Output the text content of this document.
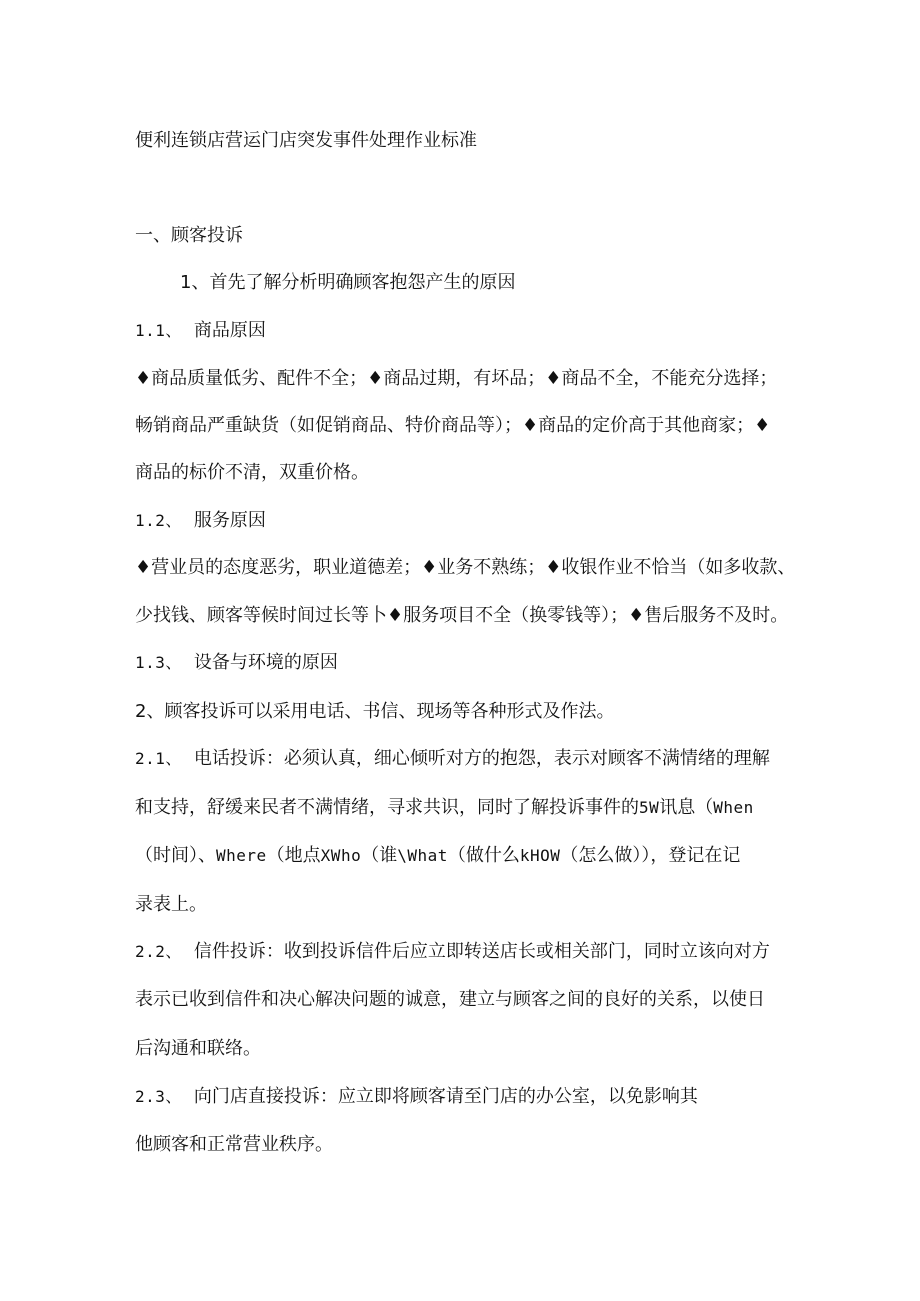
便利连锁店营运门店突发事件处理作业标准
一、顾客投诉
1、首先了解分析明确顾客抱怨产生的原因
1.1、 商品原因
♦商品质量低劣、配件不全；♦商品过期，有坏品；♦商品不全，不能充分选择；
畅销商品严重缺货（如促销商品、特价商品等）；♦商品的定价高于其他商家；♦
商品的标价不清，双重价格。
1.2、 服务原因
♦营业员的态度恶劣，职业道德差；♦业务不熟练；♦收银作业不恰当（如多收款、
少找钱、顾客等候时间过长等卜♦服务项目不全（换零钱等）；♦售后服务不及时。
1.3、 设备与环境的原因
2、顾客投诉可以采用电话、书信、现场等各种形式及作法。
2.1、 电话投诉：必须认真，细心倾听对方的抱怨，表示对顾客不满情绪的理解
和支持，舒缓来民者不满情绪，寻求共识，同时了解投诉事件的5W讯息（When
（时间）、Where（地点XWho（谁\What（做什么kHOW（怎么做）），登记在记
录表上。
2.2、 信件投诉：收到投诉信件后应立即转送店长或相关部门，同时立该向对方
表示已收到信件和决心解决问题的诚意，建立与顾客之间的良好的关系，以使日
后沟通和联络。
2.3、 向门店直接投诉：应立即将顾客请至门店的办公室，以免影响其
他顾客和正常营业秩序。
